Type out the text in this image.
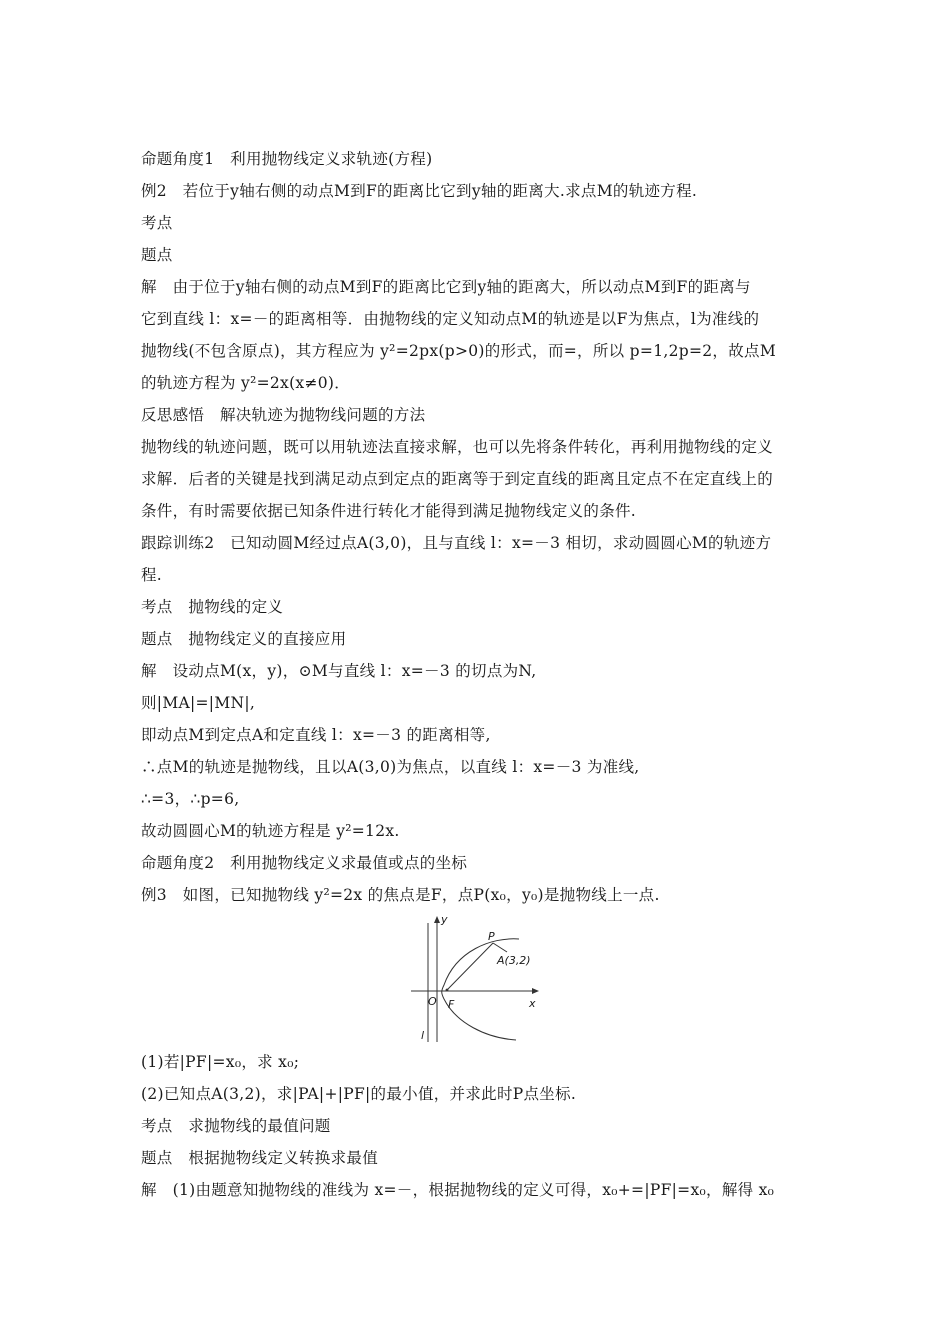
命题角度1　利用抛物线定义求轨迹(方程)
例2　若位于y轴右侧的动点M到F的距离比它到y轴的距离大.求点M的轨迹方程.
考点
题点
解　由于位于y轴右侧的动点M到F的距离比它到y轴的距离大，所以动点M到F的距离与
它到直线 l：x=－的距离相等．由抛物线的定义知动点M的轨迹是以F为焦点，l为准线的
抛物线(不包含原点)，其方程应为 y²=2px(p>0)的形式，而=，所以 p=1,2p=2，故点M
的轨迹方程为 y²=2x(x≠0)．
反思感悟　解决轨迹为抛物线问题的方法
抛物线的轨迹问题，既可以用轨迹法直接求解，也可以先将条件转化，再利用抛物线的定义
求解．后者的关键是找到满足动点到定点的距离等于到定直线的距离且定点不在定直线上的
条件，有时需要依据已知条件进行转化才能得到满足抛物线定义的条件.
跟踪训练2　已知动圆M经过点A(3,0)，且与直线 l：x=－3 相切，求动圆圆心M的轨迹方
程.
考点　抛物线的定义
题点　抛物线定义的直接应用
解　设动点M(x，y)，⊙M与直线 l：x=－3 的切点为N,
则|MA|=|MN|,
即动点M到定点A和定直线 l：x=－3 的距离相等,
∴点M的轨迹是抛物线，且以A(3,0)为焦点，以直线 l：x=－3 为准线,
∴=3，∴p=6,
故动圆圆心M的轨迹方程是 y²=12x.
命题角度2　利用抛物线定义求最值或点的坐标
例3　如图，已知抛物线 y²=2x 的焦点是F，点P(x₀，y₀)是抛物线上一点.
y
x
P
A(3,2)
O F
l
(1)若|PF|=x₀，求 x₀;
(2)已知点A(3,2)，求|PA|+|PF|的最小值，并求此时P点坐标.
考点　求抛物线的最值问题
题点　根据抛物线定义转换求最值
解　(1)由题意知抛物线的准线为 x=－，根据抛物线的定义可得，x₀+=|PF|=x₀，解得 x₀
